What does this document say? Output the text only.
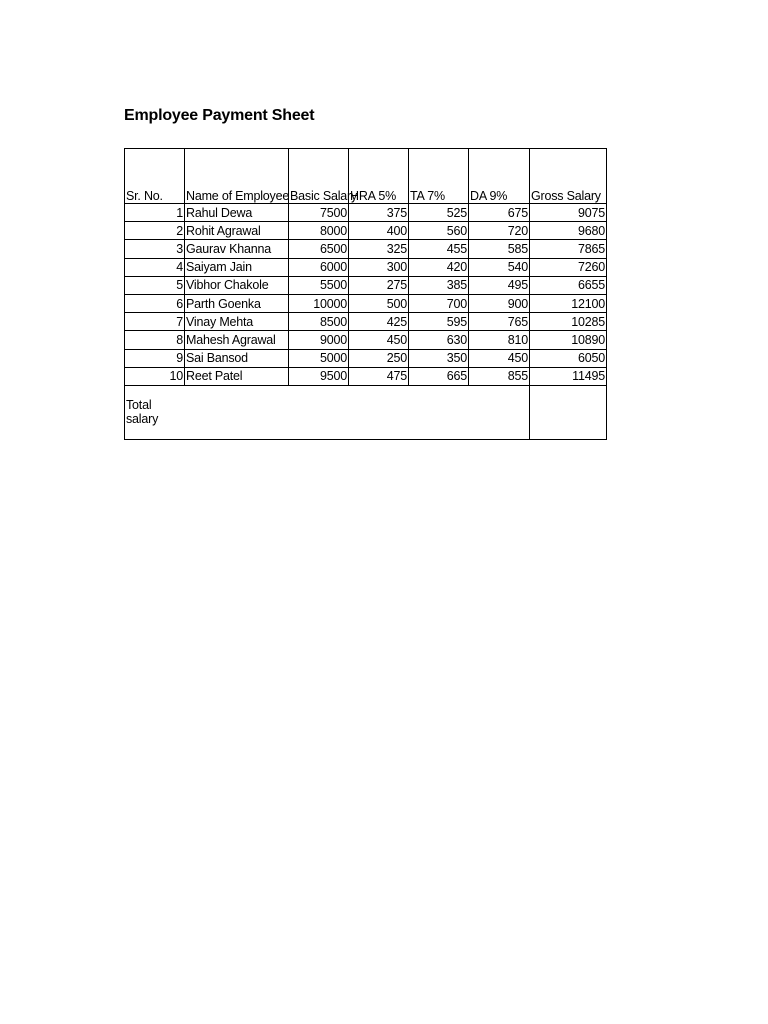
Employee Payment Sheet
Sr. No.	Name of Employee	Basic Salary	HRA 5%	TA 7%	DA 9%	Gross Salary
1	Rahul Dewa	7500	375	525	675	9075
2	Rohit Agrawal	8000	400	560	720	9680
3	Gaurav Khanna	6500	325	455	585	7865
4	Saiyam Jain	6000	300	420	540	7260
5	Vibhor Chakole	5500	275	385	495	6655
6	Parth Goenka	10000	500	700	900	12100
7	Vinay Mehta	8500	425	595	765	10285
8	Mahesh Agrawal	9000	450	630	810	10890
9	Sai Bansod	5000	250	350	450	6050
10	Reet Patel	9500	475	665	855	11495

Total salary						
